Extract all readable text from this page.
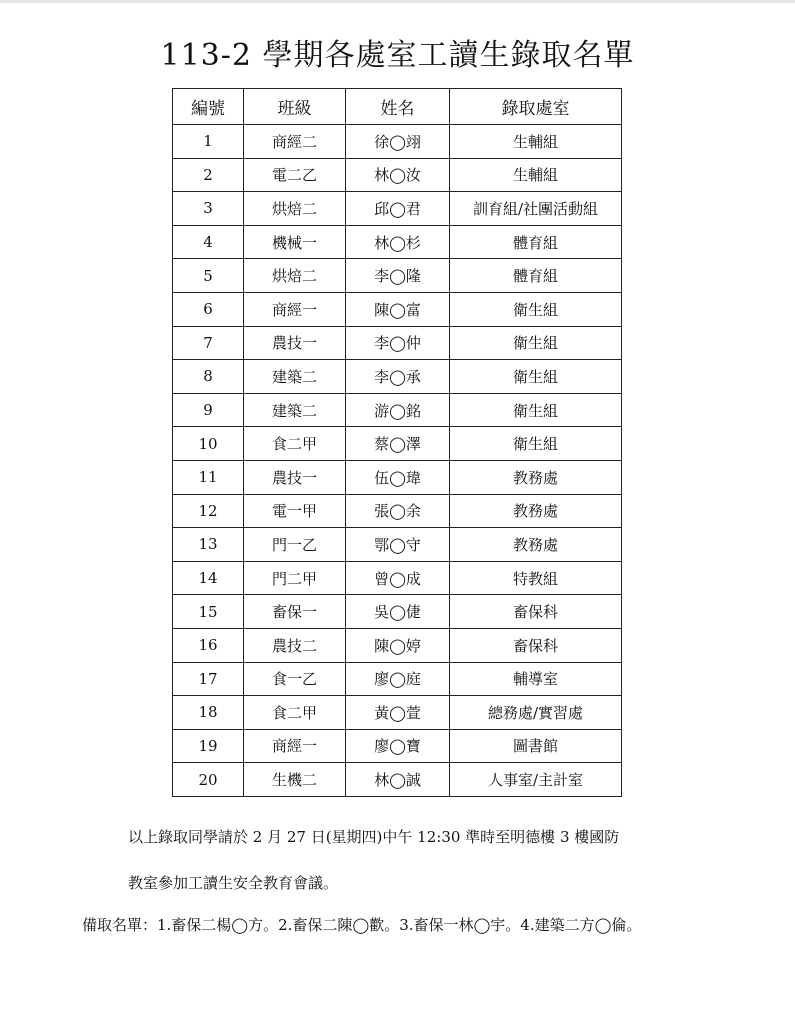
113-2 學期各處室工讀生錄取名單
編號	班級	姓名	錄取處室
1	商經二	徐◯翊	生輔組
2	電二乙	林◯汝	生輔組
3	烘焙二	邱◯君	訓育組/社團活動組
4	機械一	林◯杉	體育組
5	烘焙二	李◯隆	體育組
6	商經一	陳◯富	衛生組
7	農技一	李◯仲	衛生組
8	建築二	李◯承	衛生組
9	建築二	游◯銘	衛生組
10	食二甲	蔡◯澤	衛生組
11	農技一	伍◯瑋	教務處
12	電一甲	張◯余	教務處
13	門一乙	鄂◯守	教務處
14	門二甲	曾◯成	特教組
15	畜保一	吳◯倢	畜保科
16	農技二	陳◯婷	畜保科
17	食一乙	廖◯庭	輔導室
18	食二甲	黃◯萱	總務處/實習處
19	商經一	廖◯寶	圖書館
20	生機二	林◯誠	人事室/主計室
以上錄取同學請於 2 月 27 日(星期四)中午 12:30 準時至明德樓 3 樓國防
教室參加工讀生安全教育會議。
備取名單：1.畜保二楊◯方。2.畜保二陳◯歡。3.畜保一林◯宇。4.建築二方◯倫。
